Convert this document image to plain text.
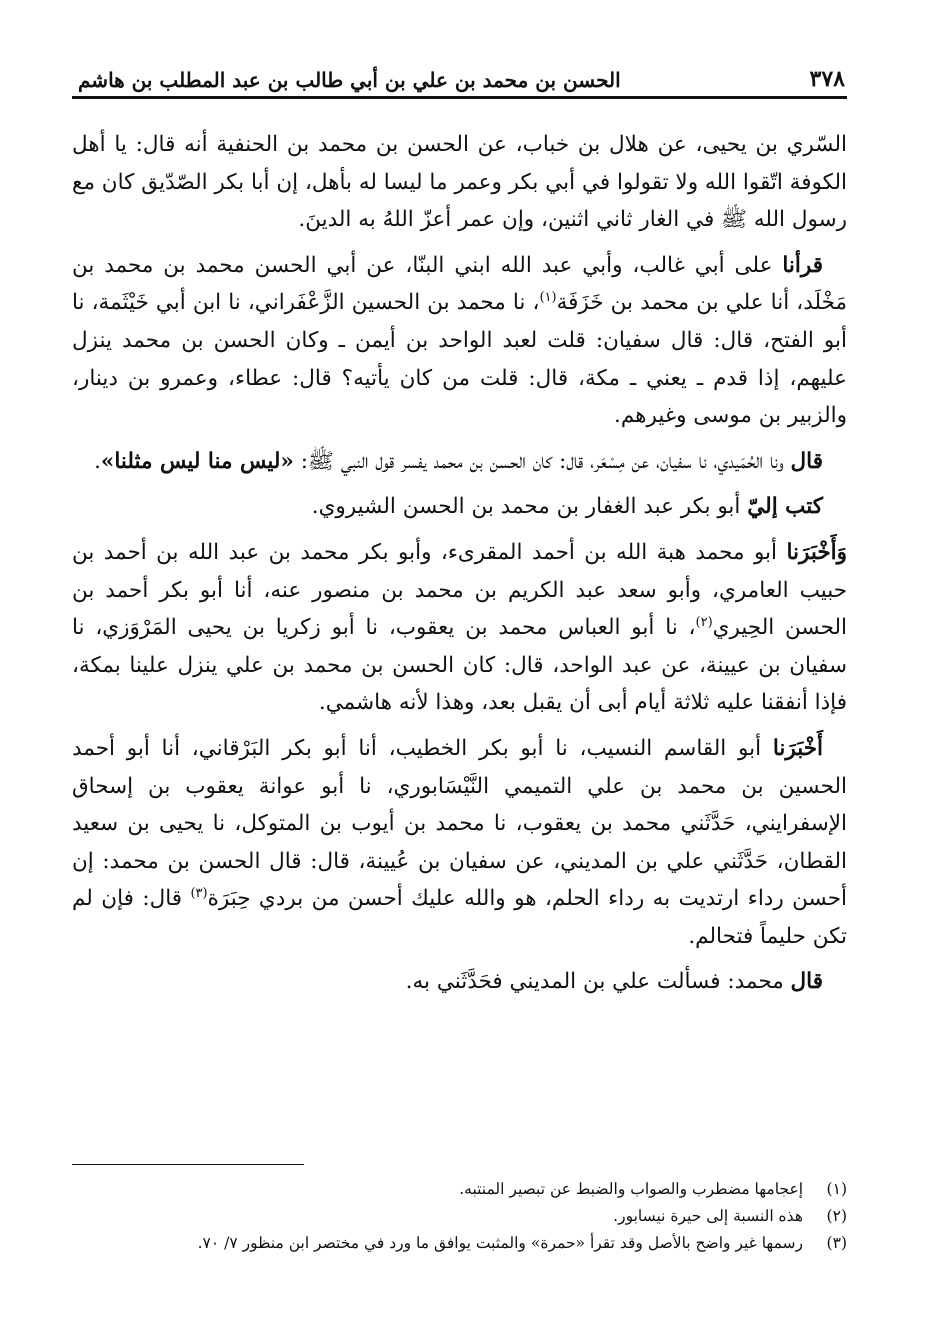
٣٧٨
الحسن بن محمد بن علي بن أبي طالب بن عبد المطلب بن هاشم

السّري بن يحيى، عن هلال بن خباب، عن الحسن بن محمد بن الحنفية أنه قال: يا أهل الكوفة اتّقوا الله ولا تقولوا في أبي بكر وعمر ما ليسا له بأهل، إن أبا بكر الصّدّيق كان مع رسول الله ﷺ في الغار ثاني اثنين، وإن عمر أعزّ اللهُ به الدينَ.

قرأنا على أبي غالب، وأبي عبد الله ابني البنّا، عن أبي الحسن محمد بن محمد بن مَخْلَد، أنا علي بن محمد بن خَزَفَة$^{(١)}$، نا محمد بن الحسين الزَّعْفَراني، نا ابن أبي خَيْثَمة، نا أبو الفتح، قال: قال سفيان: قلت لعبد الواحد بن أيمن ـ وكان الحسن بن محمد ينزل عليهم، إذا قدم ـ يعني ـ مكة، قال: قلت من كان يأتيه؟ قال: عطاء، وعمرو بن دينار، والزبير بن موسى وغيرهم.

قال ونا الحُمَيدي، نا سفيان، عن مِسْعَر، قال: كان الحسن بن محمد يفسر قول النبي ﷺ: «ليس منا ليس مثلنا».

كتب إليّ أبو بكر عبد الغفار بن محمد بن الحسن الشيروي.

وَأَخْبَرَنا أبو محمد هبة الله بن أحمد المقرىء، وأبو بكر محمد بن عبد الله بن أحمد بن حبيب العامري، وأبو سعد عبد الكريم بن محمد بن منصور عنه، أنا أبو بكر أحمد بن الحسن الحِيري$^{(٢)}$، نا أبو العباس محمد بن يعقوب، نا أبو زكريا بن يحيى المَرْوَزي، نا سفيان بن عيينة، عن عبد الواحد، قال: كان الحسن بن محمد بن علي ينزل علينا بمكة، فإذا أنفقنا عليه ثلاثة أيام أبى أن يقبل بعد، وهذا لأنه هاشمي.

أَخْبَرَنا أبو القاسم النسيب، نا أبو بكر الخطيب، أنا أبو بكر البَرْقاني، أنا أبو أحمد الحسين بن محمد بن علي التميمي النَّيْسَابوري، نا أبو عوانة يعقوب بن إسحاق الإسفرايني، حَدَّثَني محمد بن يعقوب، نا محمد بن أيوب بن المتوكل، نا يحيى بن سعيد القطان، حَدَّثَني علي بن المديني، عن سفيان بن عُيينة، قال: قال الحسن بن محمد: إن أحسن رداء ارتديت به رداء الحلم، هو والله عليك أحسن من بردي حِبَرَة$^{(٣)}$ قال: فإن لم تكن حليماً فتحالم.

قال محمد: فسألت علي بن المديني فحَدَّثَني به.

(١)
إعجامها مضطرب والصواب والضبط عن تبصير المنتبه.
(٢)
هذه النسبة إلى حيرة نيسابور.
(٣)
رسمها غير واضح بالأصل وقد تقرأ «حمرة» والمثبت يوافق ما ورد في مختصر ابن منظور ٧/ ٧٠.
